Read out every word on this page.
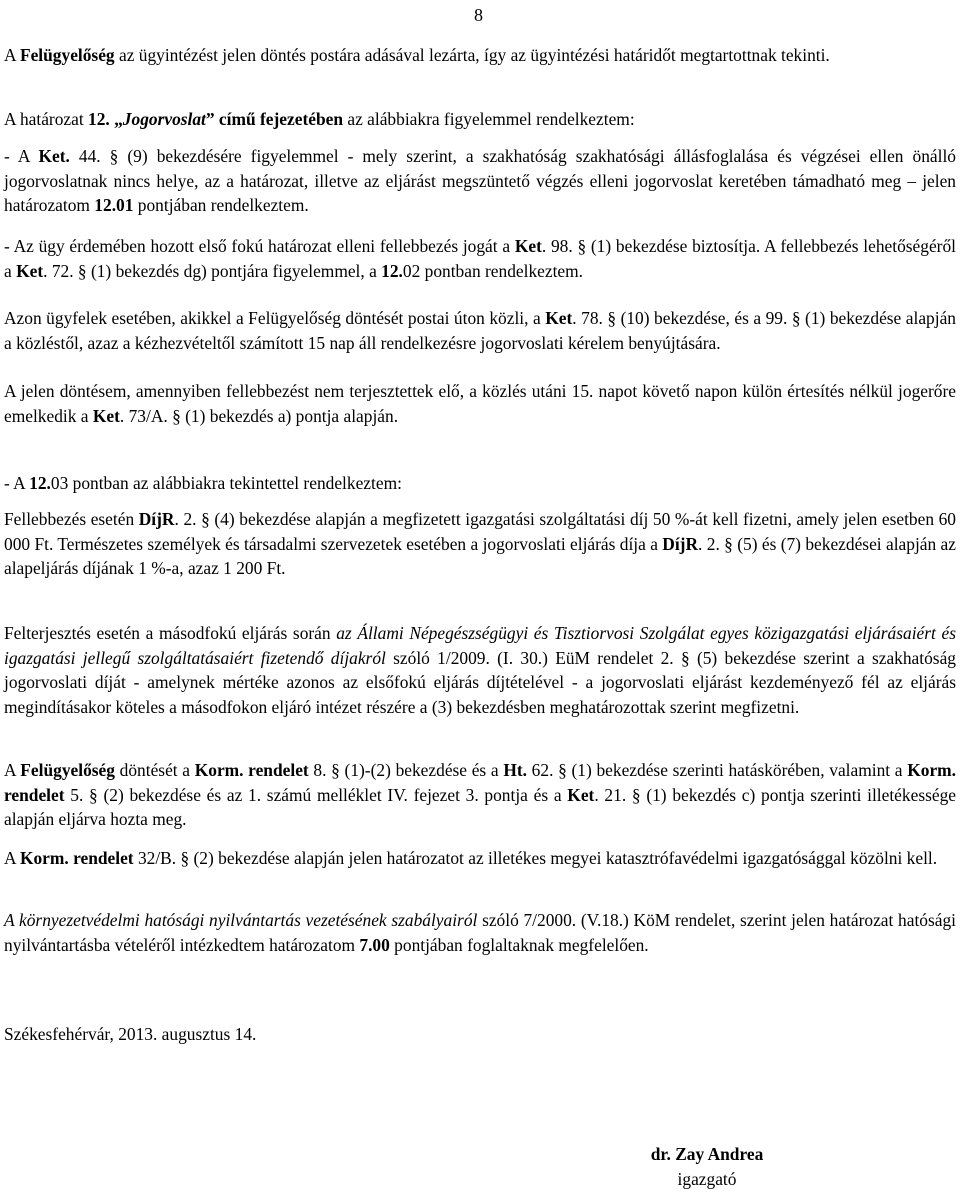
8

A Felügyelőség az ügyintézést jelen döntés postára adásával lezárta, így az ügyintézési határidőt megtartottnak tekinti.

A határozat 12. „Jogorvoslat” című fejezetében az alábbiakra figyelemmel rendelkeztem:

- A Ket. 44. § (9) bekezdésére figyelemmel - mely szerint, a szakhatóság szakhatósági állásfoglalása és végzései ellen önálló jogorvoslatnak nincs helye, az a határozat, illetve az eljárást megszüntető végzés elleni jogorvoslat keretében támadható meg – jelen határozatom 12.01 pontjában rendelkeztem.

- Az ügy érdemében hozott első fokú határozat elleni fellebbezés jogát a Ket. 98. § (1) bekezdése biztosítja. A fellebbezés lehetőségéről a Ket. 72. § (1) bekezdés dg) pontjára figyelemmel, a 12.02 pontban rendelkeztem.

Azon ügyfelek esetében, akikkel a Felügyelőség döntését postai úton közli, a Ket. 78. § (10) bekezdése, és a 99. § (1) bekezdése alapján a közléstől, azaz a kézhezvételtől számított 15 nap áll rendelkezésre jogorvoslati kérelem benyújtására.

A jelen döntésem, amennyiben fellebbezést nem terjesztettek elő, a közlés utáni 15. napot követő napon külön értesítés nélkül jogerőre emelkedik a Ket. 73/A. § (1) bekezdés a) pontja alapján.

- A 12.03 pontban az alábbiakra tekintettel rendelkeztem:

Fellebbezés esetén DíjR. 2. § (4) bekezdése alapján a megfizetett igazgatási szolgáltatási díj 50 %-át kell fizetni, amely jelen esetben 60 000 Ft. Természetes személyek és társadalmi szervezetek esetében a jogorvoslati eljárás díja a DíjR. 2. § (5) és (7) bekezdései alapján az alapeljárás díjának 1 %-a, azaz 1 200 Ft.

Felterjesztés esetén a másodfokú eljárás során az Állami Népegészségügyi és Tisztiorvosi Szolgálat egyes közigazgatási eljárásaiért és igazgatási jellegű szolgáltatásaiért fizetendő díjakról szóló 1/2009. (I. 30.) EüM rendelet 2. § (5) bekezdése szerint a szakhatóság jogorvoslati díját - amelynek mértéke azonos az elsőfokú eljárás díjtételével - a jogorvoslati eljárást kezdeményező fél az eljárás megindításakor köteles a másodfokon eljáró intézet részére a (3) bekezdésben meghatározottak szerint megfizetni.

A Felügyelőség döntését a Korm. rendelet 8. § (1)-(2) bekezdése és a Ht. 62. § (1) bekezdése szerinti hatáskörében, valamint a Korm. rendelet 5. § (2) bekezdése és az 1. számú melléklet IV. fejezet 3. pontja és a Ket. 21. § (1) bekezdés c) pontja szerinti illetékessége alapján eljárva hozta meg.

A Korm. rendelet 32/B. § (2) bekezdése alapján jelen határozatot az illetékes megyei katasztrófavédelmi igazgatósággal közölni kell.

A környezetvédelmi hatósági nyilvántartás vezetésének szabályairól szóló 7/2000. (V.18.) KöM rendelet, szerint jelen határozat hatósági nyilvántartásba vételéről intézkedtem határozatom 7.00 pontjában foglaltaknak megfelelően.

Székesfehérvár, 2013. augusztus 14.

dr. Zay Andrea
igazgató
